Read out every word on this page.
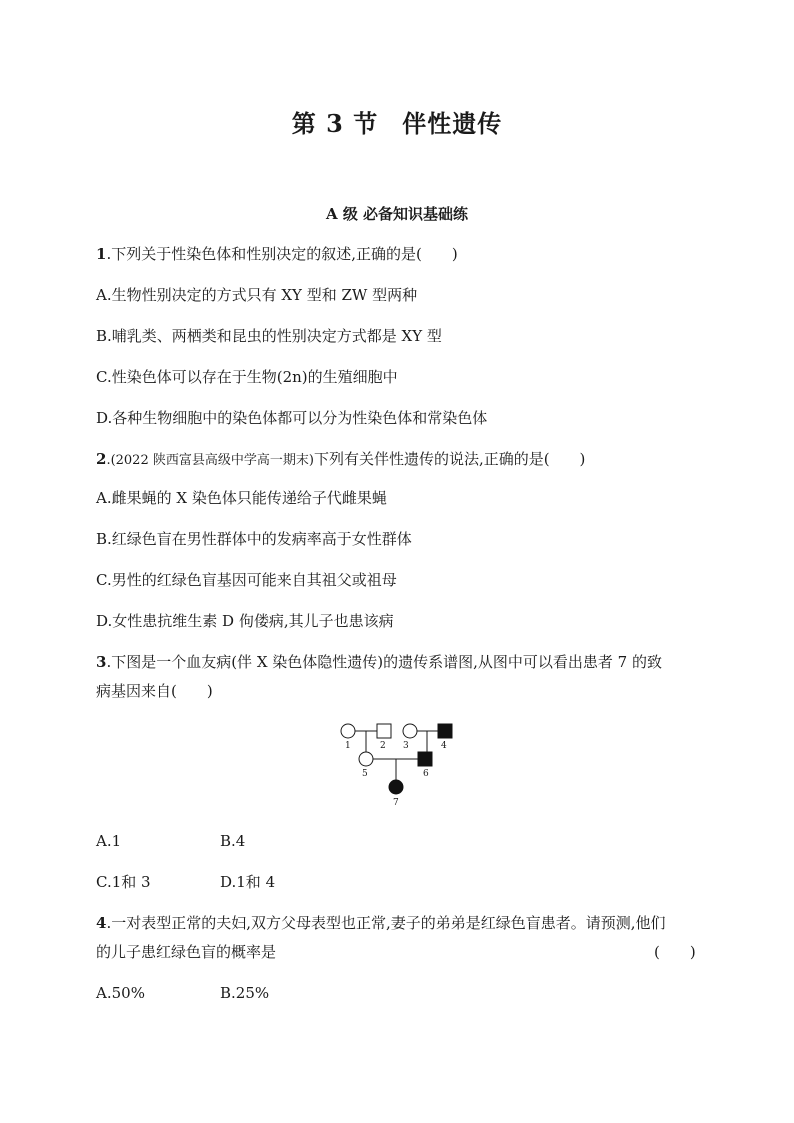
第 3 节 伴性遗传
A 级 必备知识基础练
1.下列关于性染色体和性别决定的叙述,正确的是(　　)
A.生物性别决定的方式只有 XY 型和 ZW 型两种
B.哺乳类、两栖类和昆虫的性别决定方式都是 XY 型
C.性染色体可以存在于生物(2n)的生殖细胞中
D.各种生物细胞中的染色体都可以分为性染色体和常染色体
2.(2022 陕西富县高级中学高一期末)下列有关伴性遗传的说法,正确的是(　　)
A.雌果蝇的 X 染色体只能传递给子代雌果蝇
B.红绿色盲在男性群体中的发病率高于女性群体
C.男性的红绿色盲基因可能来自其祖父或祖母
D.女性患抗维生素 D 佝偻病,其儿子也患该病
3.下图是一个血友病(伴 X 染色体隐性遗传)的遗传系谱图,从图中可以看出患者 7 的致
病基因来自(　　)
1	2 3	4
5	6
7
A.1	B.4
C.1和 3	D.1和 4
4.一对表型正常的夫妇,双方父母表型也正常,妻子的弟弟是红绿色盲患者。请预测,他们
的儿子患红绿色盲的概率是	(　　)
A.50%	B.25%
